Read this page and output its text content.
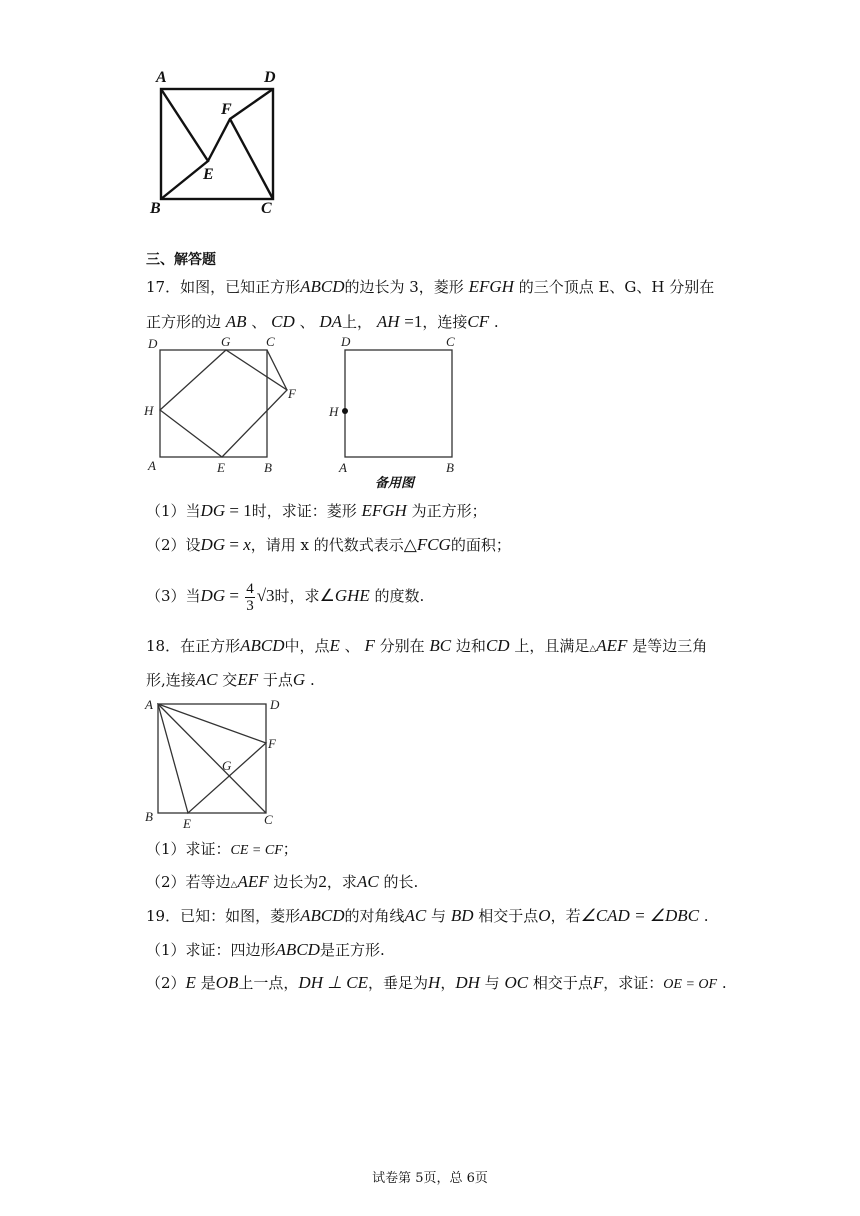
A	D
F
E
B	C
三、解答题
17．如图，已知正方形ABCD的边长为 3，菱形 EFGH 的三个顶点 E、G、H 分别在
正方形的边 AB 、 CD 、 DA上， AH =1，连接CF .
D	G	C
F
H
A	E	B
D	C
H
A	B
备用图
（1）当DG = 1时，求证：菱形 EFGH 为正方形；
（2）设DG = x，请用 x 的代数式表示△FCG的面积；
（3）当DG = $\frac{4}{3} √3$时，求∠GHE 的度数.
18．在正方形ABCD中，点E 、 F 分别在 BC 边和CD 上，且满足△AEF 是等边三角
形,连接AC 交EF 于点G .
A	D
F
G
B E	C
（1）求证：CE = CF；
（2）若等边△AEF 边长为2，求AC 的长.
19．已知：如图，菱形ABCD的对角线AC 与 BD 相交于点O，若∠CAD = ∠DBC .
（1）求证：四边形ABCD是正方形.
（2）E 是OB上一点，DH ⊥ CE，垂足为H，DH 与 OC 相交于点F，求证：OE = OF .
试卷第 5页，总 6页
